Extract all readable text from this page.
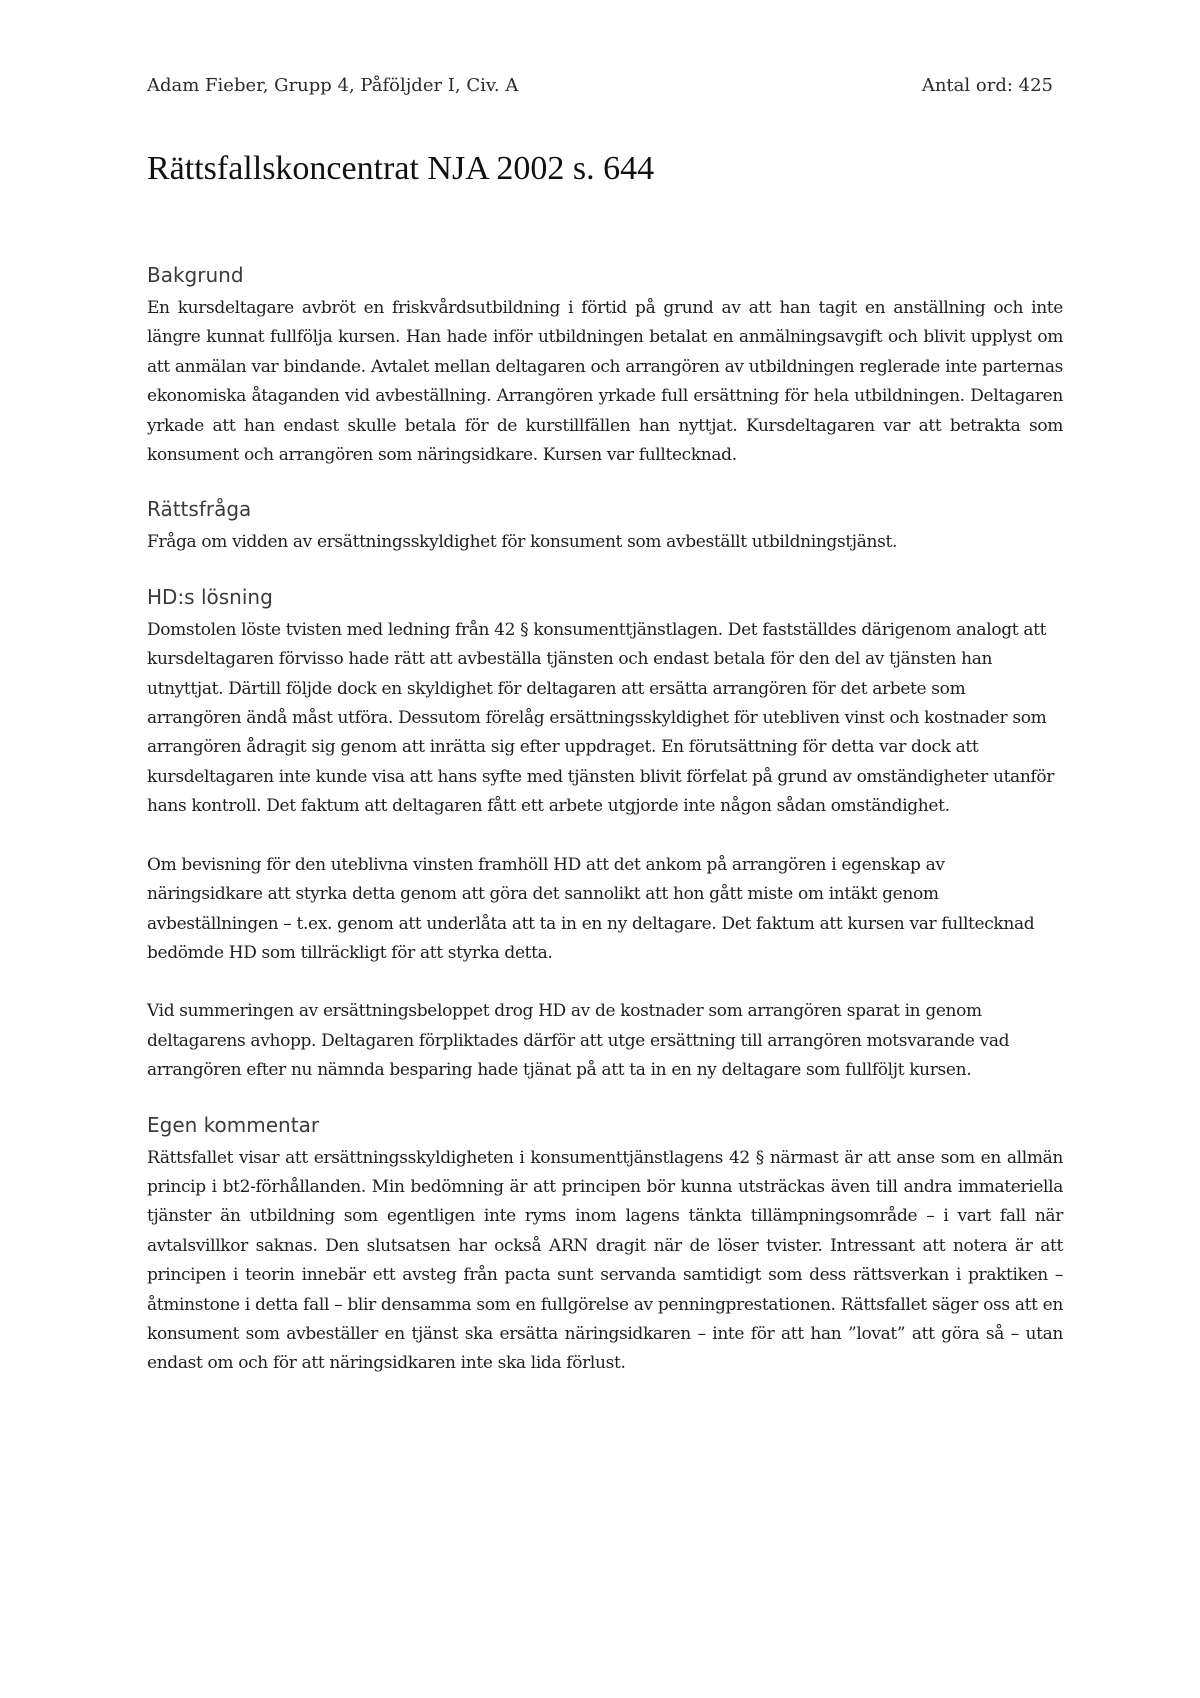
Adam Fieber, Grupp 4, Påföljder I, Civ. A	Antal ord: 425
Rättsfallskoncentrat NJA 2002 s. 644
Bakgrund

En kursdeltagare avbröt en friskvårdsutbildning i förtid på grund av att han tagit en anställning och inte längre kunnat fullfölja kursen. Han hade inför utbildningen betalat en anmälningsavgift och blivit upplyst om att anmälan var bindande. Avtalet mellan deltagaren och arrangören av utbildningen reglerade inte parternas ekonomiska åtaganden vid avbeställning. Arrangören yrkade full ersättning för hela utbildningen. Deltagaren yrkade att han endast skulle betala för de kurstillfällen han nyttjat. Kursdeltagaren var att betrakta som konsument och arrangören som näringsidkare. Kursen var fulltecknad.

Rättsfråga

Fråga om vidden av ersättningsskyldighet för konsument som avbeställt utbildningstjänst.

HD:s lösning

Domstolen löste tvisten med ledning från 42 § konsumenttjänstlagen. Det fastställdes därigenom analogt att kursdeltagaren förvisso hade rätt att avbeställa tjänsten och endast betala för den del av tjänsten han utnyttjat. Därtill följde dock en skyldighet för deltagaren att ersätta arrangören för det arbete som arrangören ändå måst utföra. Dessutom förelåg ersättningsskyldighet för utebliven vinst och kostnader som arrangören ådragit sig genom att inrätta sig efter uppdraget. En förutsättning för detta var dock att kursdeltagaren inte kunde visa att hans syfte med tjänsten blivit förfelat på grund av omständigheter utanför hans kontroll. Det faktum att deltagaren fått ett arbete utgjorde inte någon sådan omständighet.

Om bevisning för den uteblivna vinsten framhöll HD att det ankom på arrangören i egenskap av näringsidkare att styrka detta genom att göra det sannolikt att hon gått miste om intäkt genom avbeställningen – t.ex. genom att underlåta att ta in en ny deltagare. Det faktum att kursen var fulltecknad bedömde HD som tillräckligt för att styrka detta.

Vid summeringen av ersättningsbeloppet drog HD av de kostnader som arrangören sparat in genom deltagarens avhopp. Deltagaren förpliktades därför att utge ersättning till arrangören motsvarande vad arrangören efter nu nämnda besparing hade tjänat på att ta in en ny deltagare som fullföljt kursen.

Egen kommentar

Rättsfallet visar att ersättningsskyldigheten i konsumenttjänstlagens 42 § närmast är att anse som en allmän princip i bt2-förhållanden. Min bedömning är att principen bör kunna utsträckas även till andra immateriella tjänster än utbildning som egentligen inte ryms inom lagens tänkta tillämpningsområde – i vart fall när avtalsvillkor saknas. Den slutsatsen har också ARN dragit när de löser tvister. Intressant att notera är att principen i teorin innebär ett avsteg från pacta sunt servanda samtidigt som dess rättsverkan i praktiken – åtminstone i detta fall – blir densamma som en fullgörelse av penningprestationen. Rättsfallet säger oss att en konsument som avbeställer en tjänst ska ersätta näringsidkaren – inte för att han ”lovat” att göra så – utan endast om och för att näringsidkaren inte ska lida förlust.
